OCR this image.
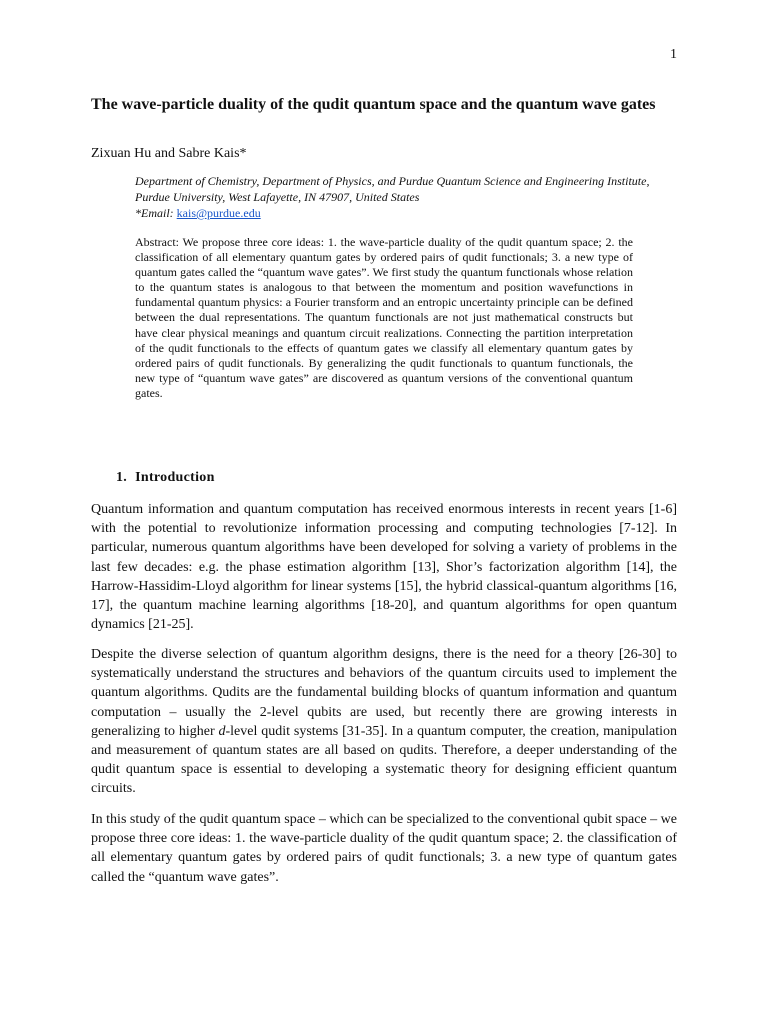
1
The wave-particle duality of the qudit quantum space and the quantum wave gates
Zixuan Hu and Sabre Kais*
Department of Chemistry, Department of Physics, and Purdue Quantum Science and Engineering Institute, Purdue University, West Lafayette, IN 47907, United States
*Email: kais@purdue.edu

Abstract: We propose three core ideas: 1. the wave-particle duality of the qudit quantum space; 2. the classification of all elementary quantum gates by ordered pairs of qudit functionals; 3. a new type of quantum gates called the “quantum wave gates”. We first study the quantum functionals whose relation to the quantum states is analogous to that between the momentum and position wavefunctions in fundamental quantum physics: a Fourier transform and an entropic uncertainty principle can be defined between the dual representations. The quantum functionals are not just mathematical constructs but have clear physical meanings and quantum circuit realizations. Connecting the partition interpretation of the qudit functionals to the effects of quantum gates we classify all elementary quantum gates by ordered pairs of qudit functionals. By generalizing the qudit functionals to quantum functionals, the new type of “quantum wave gates” are discovered as quantum versions of the conventional quantum gates.

1. Introduction

Quantum information and quantum computation has received enormous interests in recent years [1-6] with the potential to revolutionize information processing and computing technologies [7-12]. In particular, numerous quantum algorithms have been developed for solving a variety of problems in the last few decades: e.g. the phase estimation algorithm [13], Shor’s factorization algorithm [14], the Harrow-Hassidim-Lloyd algorithm for linear systems [15], the hybrid classical-quantum algorithms [16, 17], the quantum machine learning algorithms [18-20], and quantum algorithms for open quantum dynamics [21-25].

Despite the diverse selection of quantum algorithm designs, there is the need for a theory [26-30] to systematically understand the structures and behaviors of the quantum circuits used to implement the quantum algorithms. Qudits are the fundamental building blocks of quantum information and quantum computation – usually the 2-level qubits are used, but recently there are growing interests in generalizing to higher d-level qudit systems [31-35]. In a quantum computer, the creation, manipulation and measurement of quantum states are all based on qudits. Therefore, a deeper understanding of the qudit quantum space is essential to developing a systematic theory for designing efficient quantum circuits.

In this study of the qudit quantum space – which can be specialized to the conventional qubit space – we propose three core ideas: 1. the wave-particle duality of the qudit quantum space; 2. the classification of all elementary quantum gates by ordered pairs of qudit functionals; 3. a new type of quantum gates called the “quantum wave gates”.
